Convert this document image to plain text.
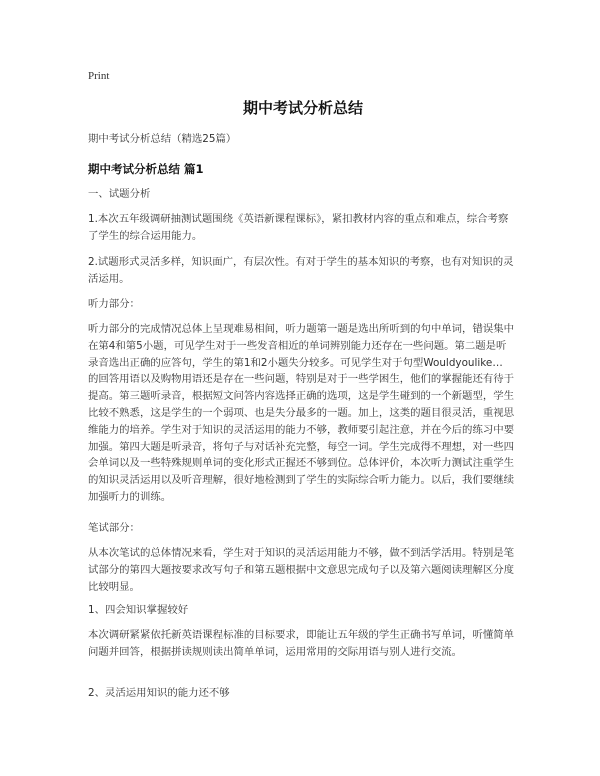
Print
期中考试分析总结

期中考试分析总结（精选25篇）

期中考试分析总结 篇1

一、试题分析

1.本次五年级调研抽测试题围绕《英语新课程课标》，紧扣教材内容的重点和难点，综合考察了学生的综合运用能力。

2.试题形式灵活多样，知识面广，有层次性。有对于学生的基本知识的考察，也有对知识的灵活运用。

听力部分：

听力部分的完成情况总体上呈现难易相间，听力题第一题是选出所听到的句中单词，错误集中在第4和第5小题，可见学生对于一些发音相近的单词辨别能力还存在一些问题。第二题是听录音选出正确的应答句，学生的第1和2小题失分较多。可见学生对于句型Wouldyoulike… 的回答用语以及购物用语还是存在一些问题，特别是对于一些学困生，他们的掌握能还有待于提高。第三题听录音，根据短文问答内容选择正确的选项，这是学生碰到的一个新题型，学生比较不熟悉，这是学生的一个弱项、也是失分最多的一题。加上，这类的题目很灵活，重视思维能力的培养。学生对于知识的灵活运用的能力不够，教师要引起注意，并在今后的练习中要加强。第四大题是听录音，将句子与对话补充完整，每空一词。学生完成得不理想，对一些四会单词以及一些特殊规则单词的变化形式正握还不够到位。总体评价，本次听力测试注重学生的知识灵活运用以及听音理解，很好地检测到了学生的实际综合听力能力。以后，我们要继续加强听力的训练。

笔试部分：

从本次笔试的总体情况来看，学生对于知识的灵活运用能力不够，做不到活学活用。特别是笔试部分的第四大题按要求改写句子和第五题根据中文意思完成句子以及第六题阅读理解区分度比较明显。

1、四会知识掌握较好

本次调研紧紧依托新英语课程标准的目标要求，即能让五年级的学生正确书写单词，听懂简单问题并回答，根据拼读规则读出简单单词，运用常用的交际用语与别人进行交流。

2、灵活运用知识的能力还不够
